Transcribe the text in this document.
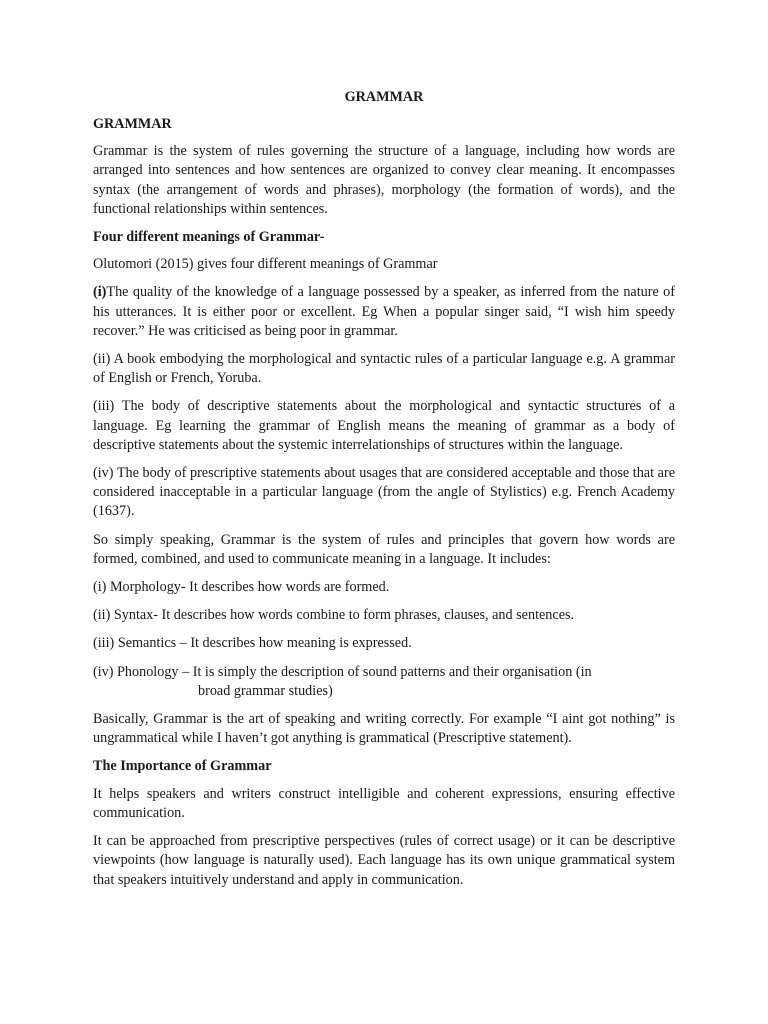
GRAMMAR
GRAMMAR

Grammar is the system of rules governing the structure of a language, including how words are arranged into sentences and how sentences are organized to convey clear meaning. It encompasses syntax (the arrangement of words and phrases), morphology (the formation of words), and the functional relationships within sentences.

Four different meanings of Grammar-

Olutomori (2015) gives four different meanings of Grammar

(i)The quality of the knowledge of a language possessed by a speaker, as inferred from the nature of his utterances. It is either poor or excellent. Eg When a popular singer said, “I wish him speedy recover.” He was criticised as being poor in grammar.

(ii) A book embodying the morphological and syntactic rules of a particular language e.g. A grammar of English or French, Yoruba.

(iii) The body of descriptive statements about the morphological and syntactic structures of a language. Eg learning the grammar of English means the meaning of grammar as a body of descriptive statements about the systemic interrelationships of structures within the language.

(iv) The body of prescriptive statements about usages that are considered acceptable and those that are considered inacceptable in a particular language (from the angle of Stylistics) e.g. French Academy (1637).

So simply speaking, Grammar is the system of rules and principles that govern how words are formed, combined, and used to communicate meaning in a language. It includes:

(i) Morphology- It describes how words are formed.

(ii) Syntax- It describes how words combine to form phrases, clauses, and sentences.

(iii) Semantics – It describes how meaning is expressed.

(iv) Phonology – It is simply the description of sound patterns and their organisation (in
broad grammar studies)

Basically, Grammar is the art of speaking and writing correctly. For example “I aint got nothing” is ungrammatical while I haven’t got anything is grammatical (Prescriptive statement).

The Importance of Grammar

It helps speakers and writers construct intelligible and coherent expressions, ensuring effective communication.

It can be approached from prescriptive perspectives (rules of correct usage) or it can be descriptive viewpoints (how language is naturally used). Each language has its own unique grammatical system that speakers intuitively understand and apply in communication.
